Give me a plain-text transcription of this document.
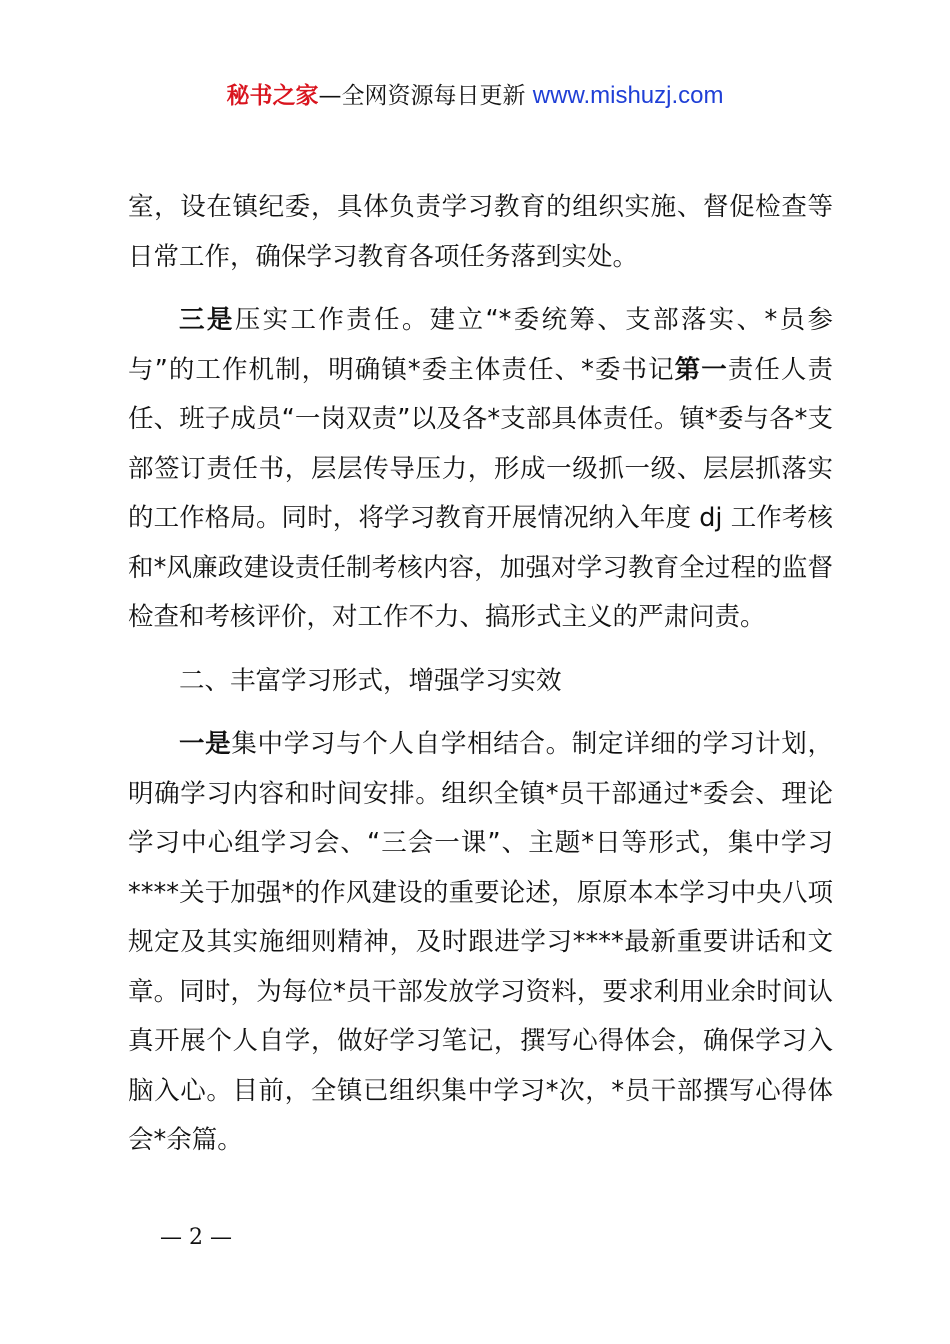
秘书之家—全网资源每日更新 www.mishuzj.com

室，设在镇纪委，具体负责学习教育的组织实施、督促检查等日常工作，确保学习教育各项任务落到实处。

三是压实工作责任。建立“*委统筹、支部落实、*员参与”的工作机制，明确镇*委主体责任、*委书记第一责任人责任、班子成员“一岗双责”以及各*支部具体责任。镇*委与各*支部签订责任书，层层传导压力，形成一级抓一级、层层抓落实的工作格局。同时，将学习教育开展情况纳入年度 dj 工作考核和*风廉政建设责任制考核内容，加强对学习教育全过程的监督检查和考核评价，对工作不力、搞形式主义的严肃问责。

二、丰富学习形式，增强学习实效

一是集中学习与个人自学相结合。制定详细的学习计划，明确学习内容和时间安排。组织全镇*员干部通过*委会、理论学习中心组学习会、“三会一课”、主题*日等形式，集中学习****关于加强*的作风建设的重要论述，原原本本学习中央八项规定及其实施细则精神，及时跟进学习****最新重要讲话和文章。同时，为每位*员干部发放学习资料，要求利用业余时间认真开展个人自学，做好学习笔记，撰写心得体会，确保学习入脑入心。目前，全镇已组织集中学习*次，*员干部撰写心得体会*余篇。

— 2 —
